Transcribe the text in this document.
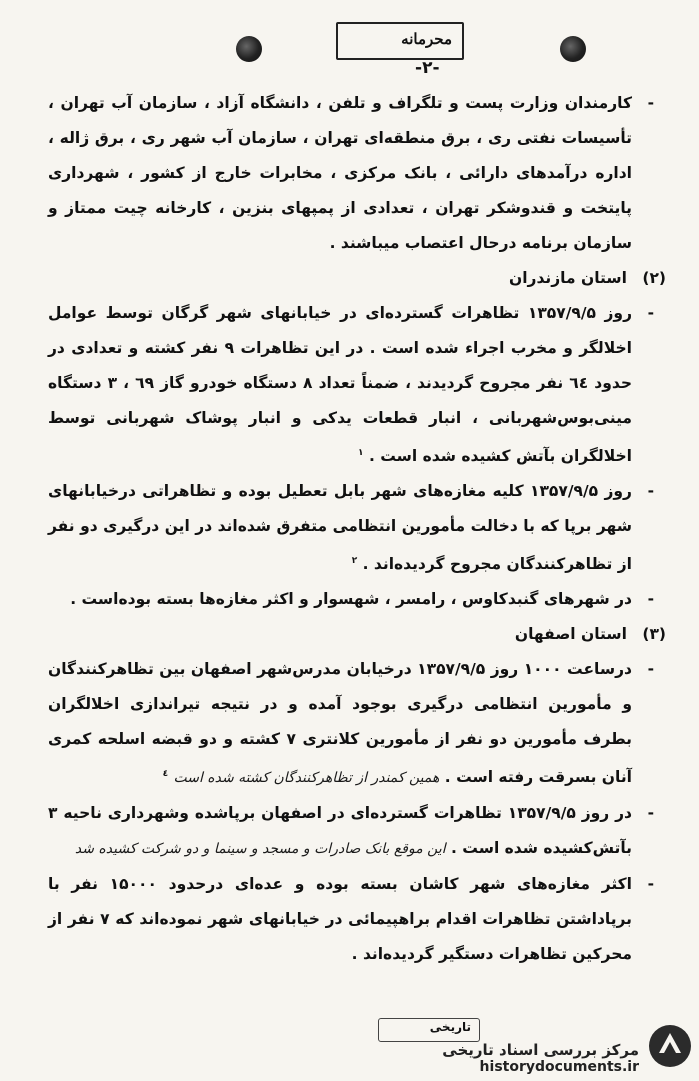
محرمانه
-٢-
-
کارمندان وزارت پست و تلگراف و تلفن ، دانشگاه آزاد ، سازمان آب تهران ، تأسیسات نفتی ری ، برق منطقه‌ای تهران ، سازمان آب شهر ری ، برق ژاله ، اداره درآمدهای دارائی ، بانک مرکزی ، مخابرات خارج از کشور ، شهرداری پایتخت و قندوشکر تهران ، تعدادی از پمپهای بنزین ، کارخانه چیت ممتاز و سازمان برنامه درحال اعتصاب میباشند .
(٢) استان مازندران
-
روز ۱۳۵۷/۹/۵ تظاهرات گسترده‌ای در خیابانهای شهر گرگان توسط عوامل اخلالگر و مخرب اجراء شده است . در این تظاهرات ۹ نفر کشته و تعدادی در حدود ٦٤ نفر مجروح گردیدند ، ضمناً تعداد ۸ دستگاه خودرو گاز ٦٩ ، ۳ دستگاه مینی‌بوس‌شهربانی ، انبار قطعات یدکی و انبار پوشاک شهربانی توسط اخلالگران بآتش کشیده شده است . $^١$
-
روز ۱۳۵۷/۹/۵ کلیه مغازه‌های شهر بابل تعطیل بوده و تظاهراتی درخیابانهای شهر برپا که با دخالت مأمورین انتظامی متفرق شده‌اند در این درگیری دو نفر از تظاهرکنندگان مجروح گردیده‌اند . $^٢$
-
در شهرهای گنبدکاوس ، رامسر ، شهسوار و اکثر مغازه‌ها بسته بوده‌است .
(٣) استان اصفهان
-
درساعت ۱۰۰۰ روز ۱۳۵۷/۹/۵ درخیابان مدرس‌شهر اصفهان بین تظاهرکنندگان و مأمورین انتظامی درگیری بوجود آمده و در نتیجه تیراندازی اخلالگران بطرف مأمورین دو نفر از مأمورین کلانتری ۷ کشته و دو قبضه اسلحه کمری آنان بسرقت رفته است . همین کمندر از تظاهرکنندگان کشته شده است $^٤$
-
در روز ۱۳۵۷/۹/۵ تظاهرات گسترده‌ای در اصفهان برپاشده وشهرداری ناحیه ۳ بآتش‌کشیده شده است . این موقع بانک صادرات و مسجد و سینما و دو شرکت کشیده شد
-
اکثر مغازه‌های شهر کاشان بسته بوده و عده‌ای درحدود ۱۵۰۰۰ نفر با برپاداشتن تظاهرات اقدام براهپیمائی در خیابانهای شهر نموده‌اند که ۷ نفر از محرکین تظاهرات دستگیر گردیده‌اند .
تاریخی
مرکز بررسی اسناد تاریخی
historydocuments.ir
